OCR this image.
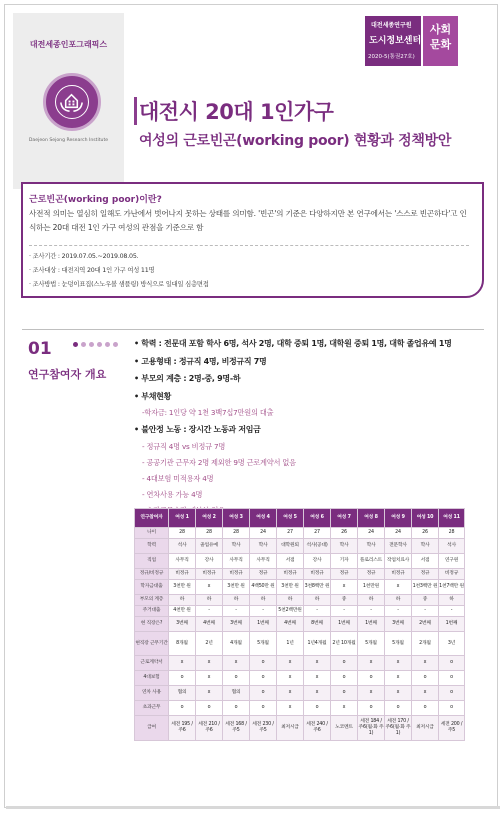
대전세종인포그래픽스
Daejeon Sejong Research Institute
대전세종연구원
도시정보센터
2020-5(통권27호)
사회 문화
대전시 20대 1인가구
여성의 근로빈곤(working poor) 현황과 정책방안
근로빈곤(working poor)이란?
사전적 의미는 열심히 일해도 가난에서 벗어나지 못하는 상태를 의미함. '빈곤'의 기준은 다양하지만 본 연구에서는 '스스로 빈곤하다'고 인식하는 20대 대전 1인 가구 여성의 관점을 기준으로 함
· 조사기간 : 2019.07.05.~2019.08.05.
· 조사대상 : 대전지역 20대 1인 가구 여성 11명
· 조사방법 : 눈덩이표집(스노우볼 샘플링) 방식으로 일대일 심층면접
01
연구참여자 개요
• 학력 : 전문대 포함 학사 6명, 석사 2명, 대학 중퇴 1명, 대학원 중퇴 1명, 대학 졸업유예 1명
• 고용형태 : 정규직 4명, 비정규직 7명
• 부모의 계층 : 2명-중, 9명-하
• 부채현황
-학자금: 1인당 약 1천 3백7십7만원의 대출
• 불안정 노동 : 장시간 노동과 저임금
- 정규직 4명 vs 비정규 7명
- 공공기관 근무자 2명 제외한 9명 근로계약서 없음
- 4대보험 미적용자 4명
- 연차사용 가능 4명
연구참여자	여성 1	여성 2	여성 3	여성 4	여성 5	여성 6	여성 7	여성 8	여성 9	여성 10	여성 11
나이	28	28	28	24	27	27	26	24	24	26	28
학력	석사	졸업유예	학사	학사	대학원퇴	석사(공대)	학사	학사	전문학사	학사	석사
직업	사무직	강사	사무직	사무직	서점	강사	기자	플로리스트	작업치료사	서점	연구원
정규/비정규	비정규	비정규	비정규	정규	비정규	비정규	정규	정규	비정규	정규	비정규
학자금대출	3천만 원	x	3천만 원	4백50만 원	3천만 원	3천8백만 원	x	1천만원	x	1천3백만 원	1천7백만 원
부모의 계층	하	하	하	하	하	하	중	하	하	중	하
주거대출	4천만 원	-	-	-	5천2백만원	-	-	-	-	-	-
현 직장은?	3번째	4번째	3번째	1번째	4번째	8번째	1번째	1번째	3번째	2번째	1번째
현직장 근무기간	8개월	2년	4개월	5개월	1년	1년4개월	2년 10개월	5개월	5개월	2개월	3년
근로계약서	x	x	x	o	x	x	o	x	x	x	o
4대보험	o	x	o	o	x	x	o	o	x	o	o
연차 사용	협의	x	협의	o	x	x	o	x	x	x	o
초과근무	o	o	o	o	x	o	x	o	o	o	o
급여	세전 195 / 주6	세전 210 / 주6	세전 168 / 주5	세전 230 / 주5	최저시급	세전 240 / 주6	노코멘트	세전 184 / 주6(월·화 주1)	세전 170 / 주6(월·화 주1)	최저시급	세전 200 / 주5
